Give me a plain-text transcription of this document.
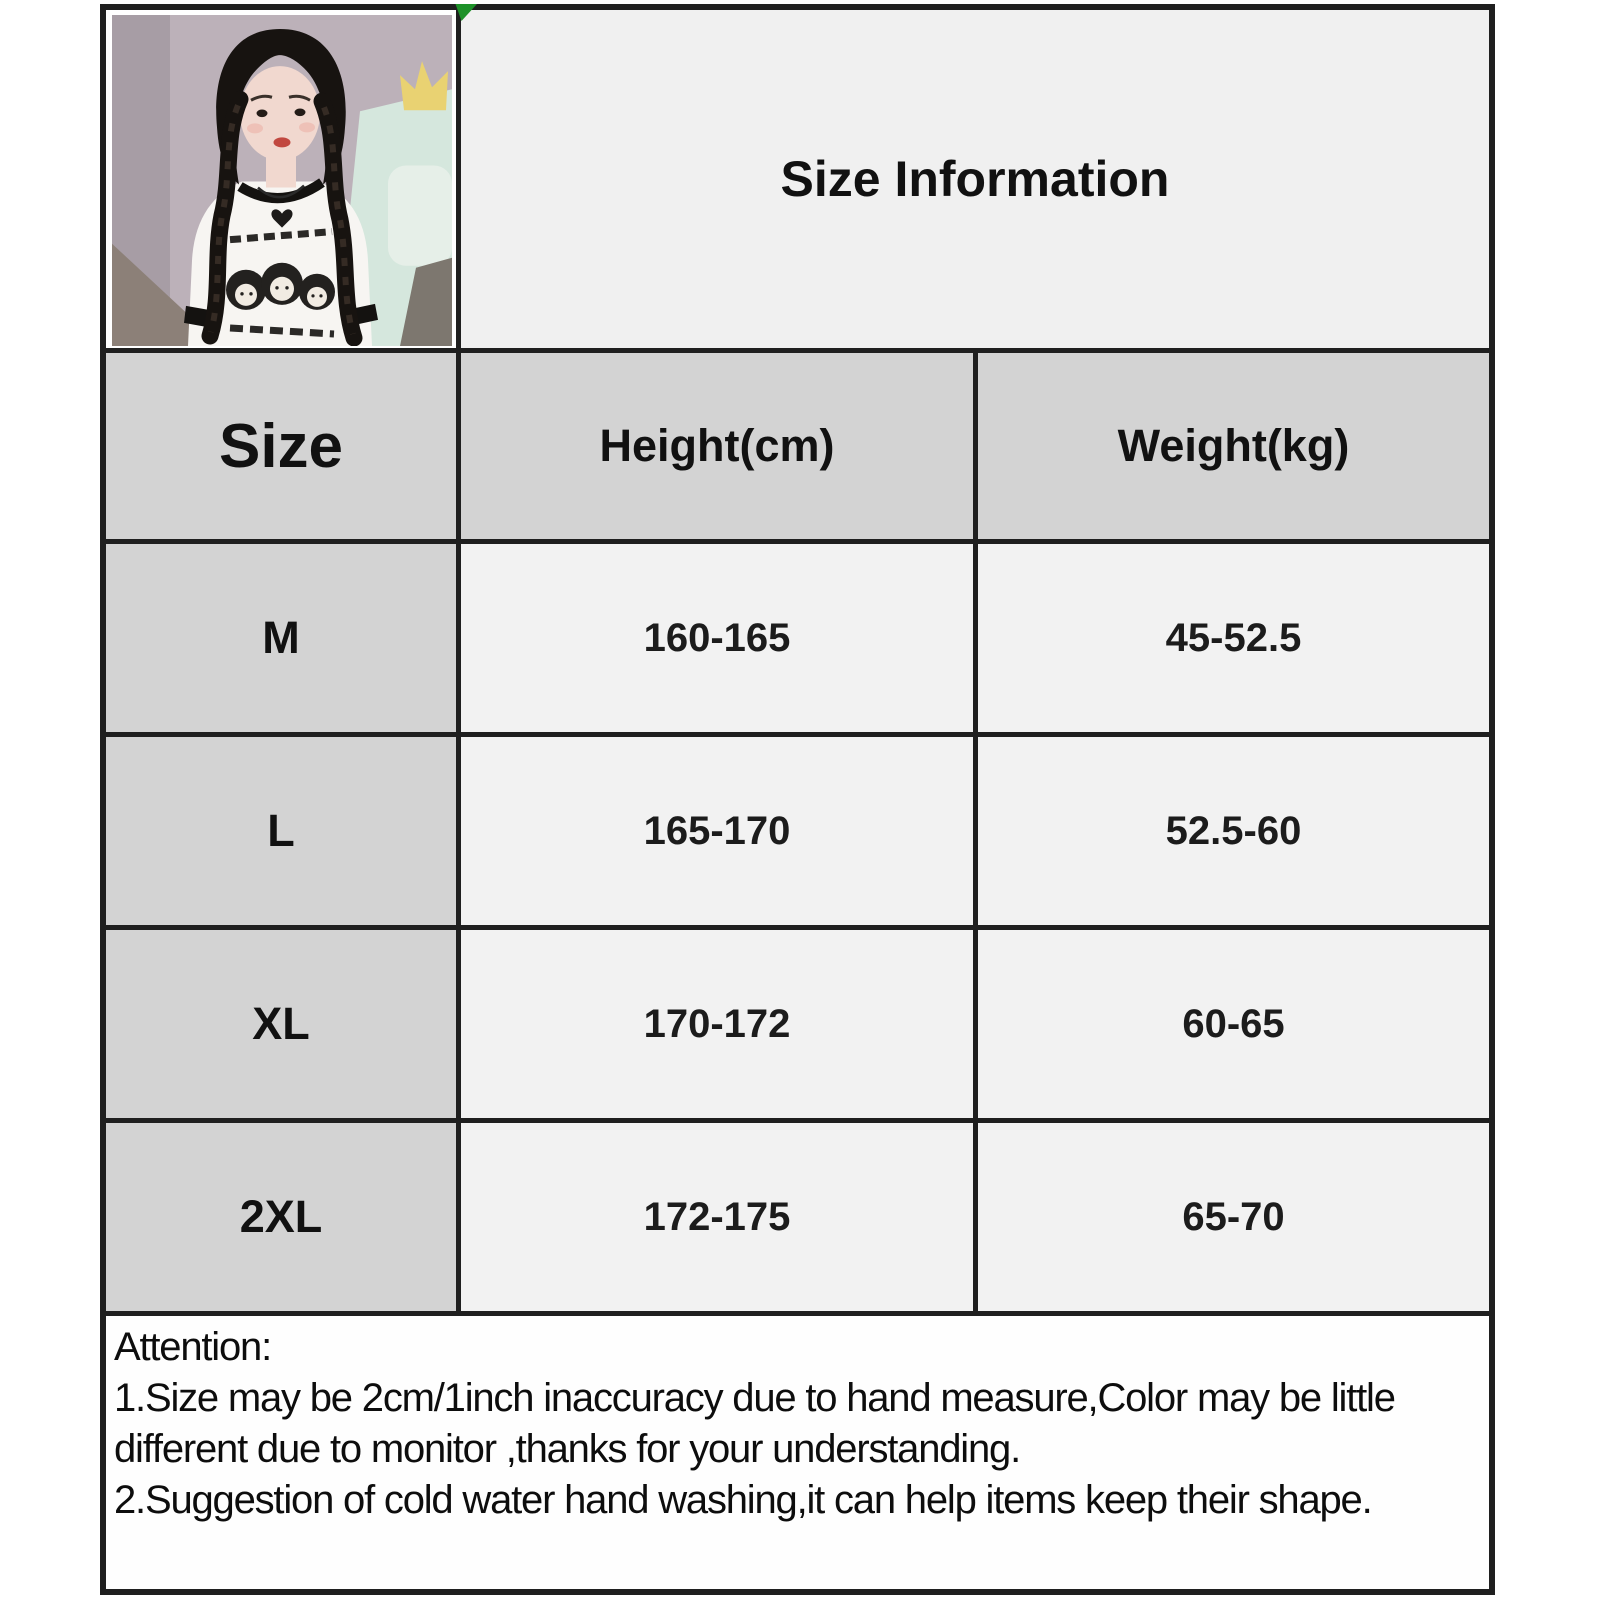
Size Information
Size	Height(cm)	Weight(kg)
M	160-165	45-52.5
L	165-170	52.5-60
XL	170-172	60-65
2XL	172-175	65-70
Attention:
1.Size may be 2cm/1inch inaccuracy due to hand measure,Color may be little
different due to monitor ,thanks for your understanding.
2.Suggestion of cold water hand washing,it can help items keep their shape.
